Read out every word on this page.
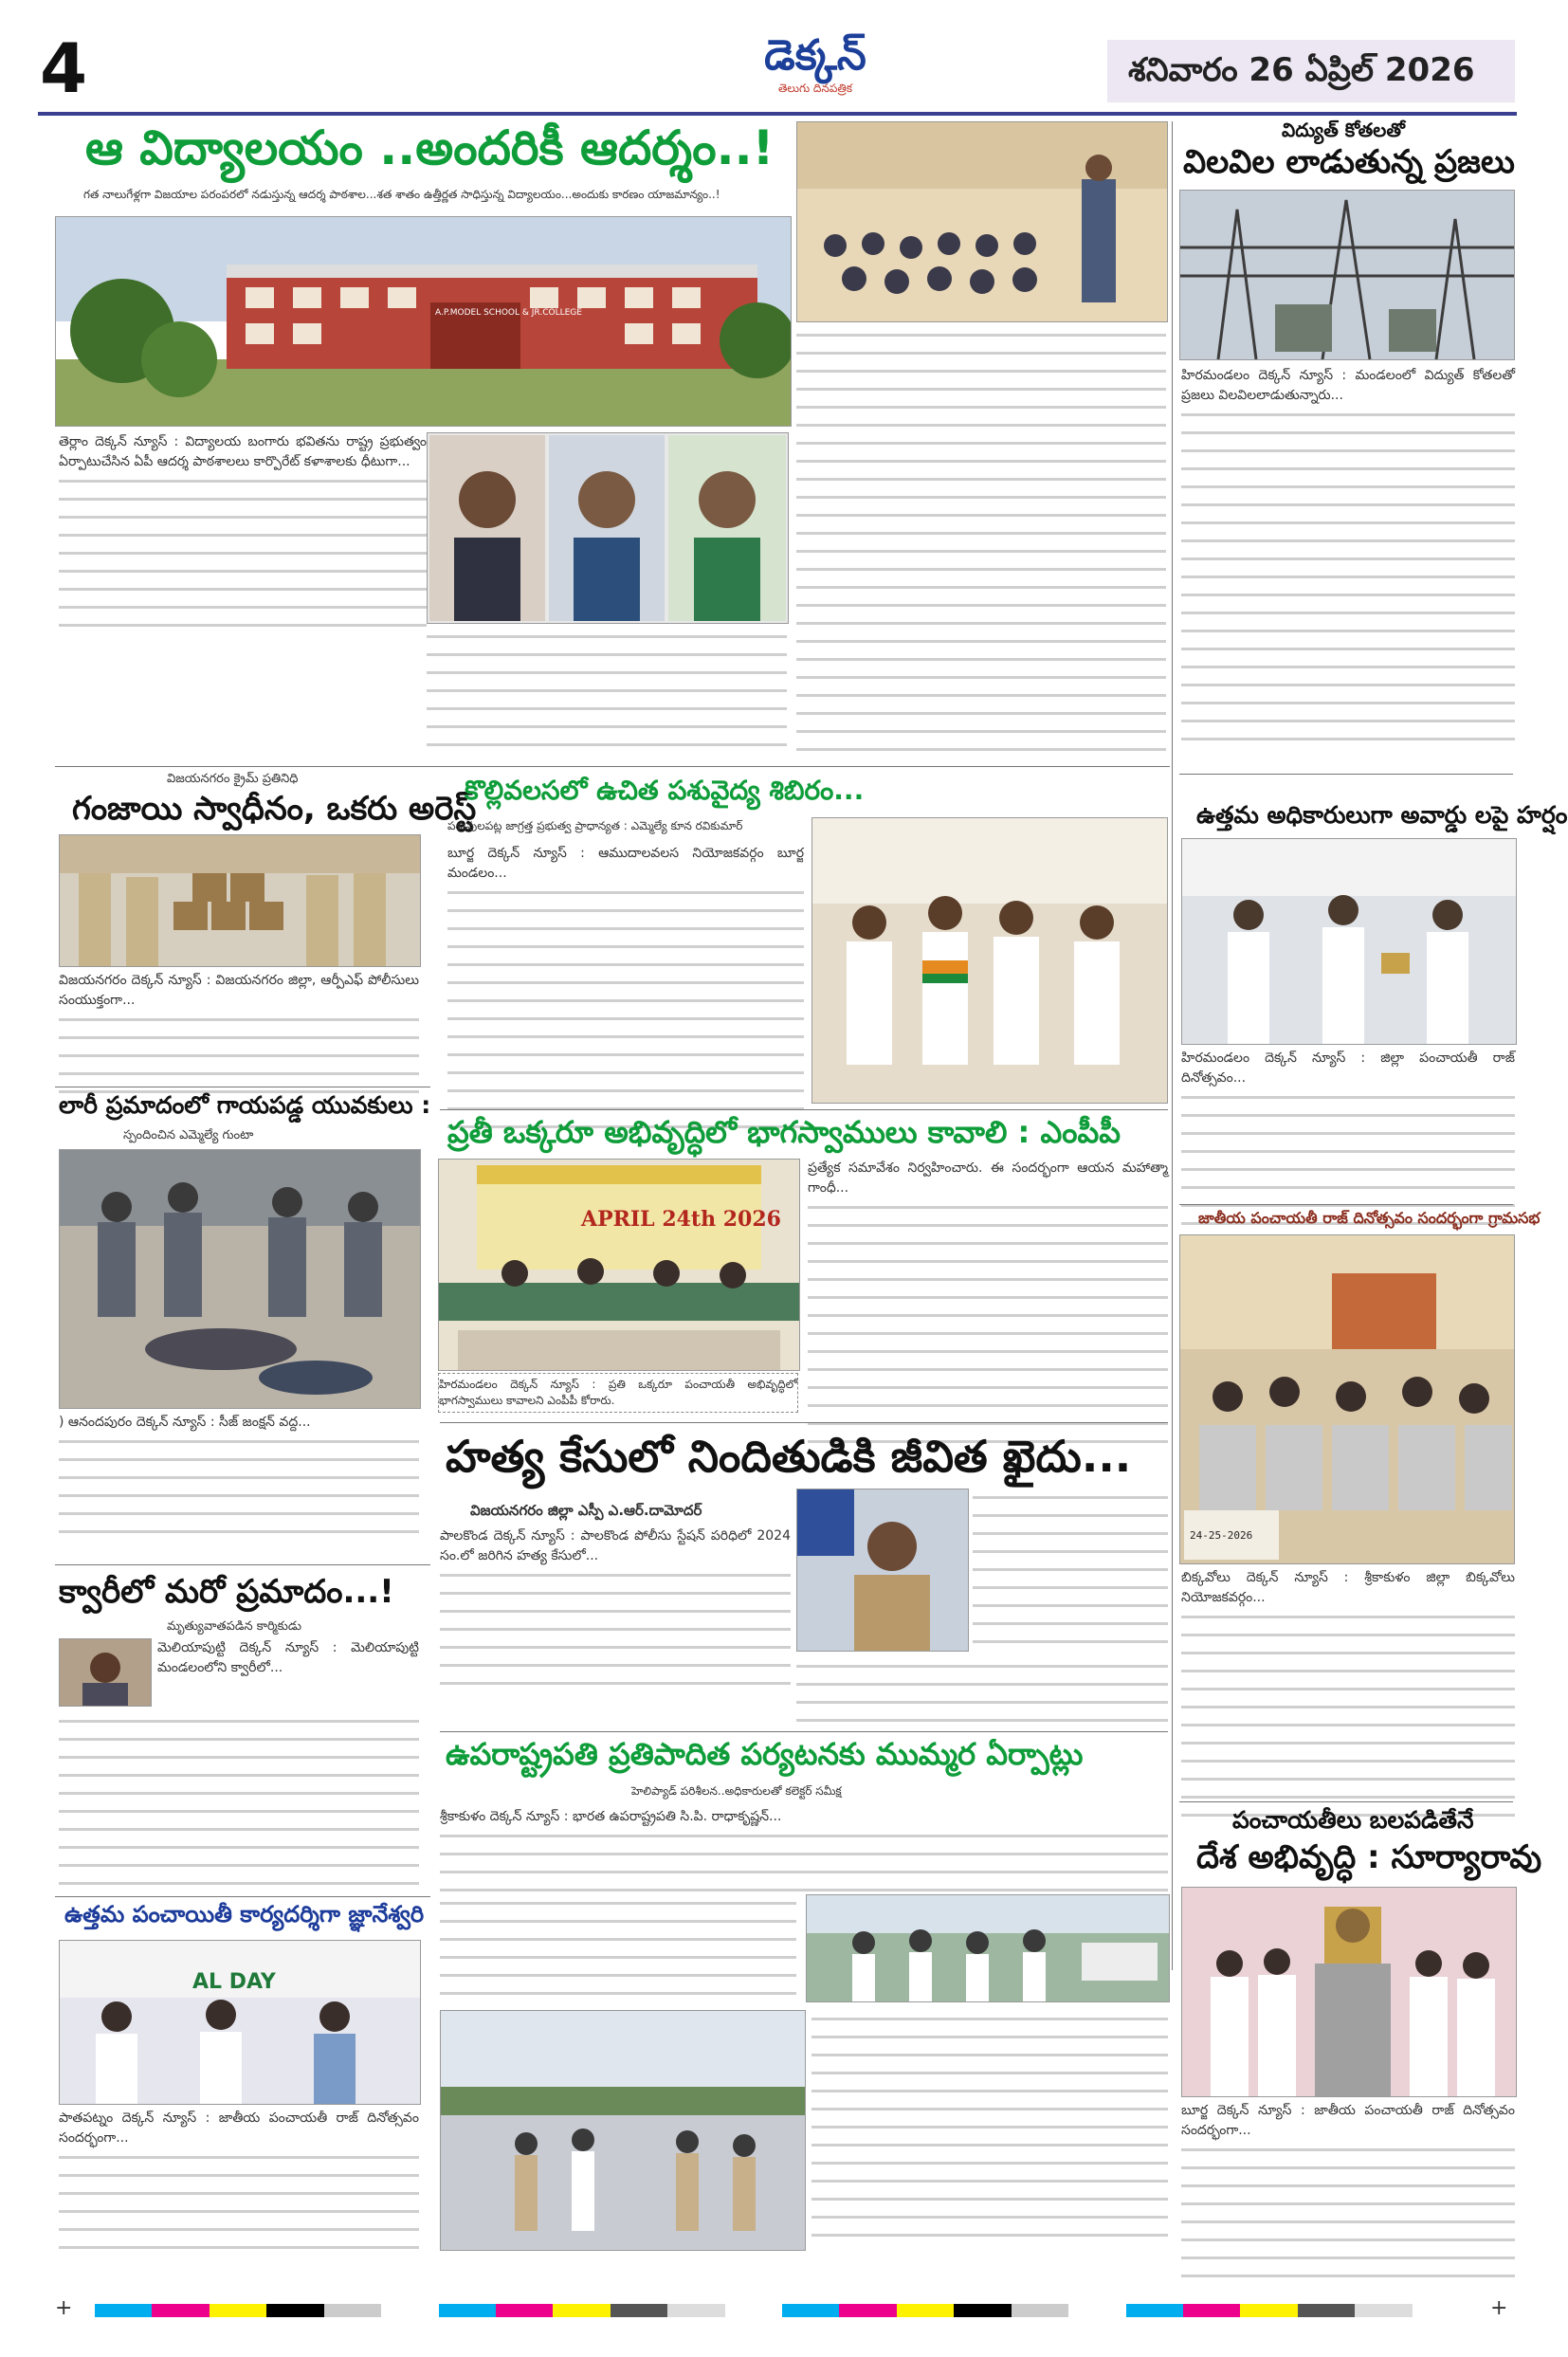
4	డెక్కన్
తెలుగు దినపత్రిక	శనివారం 26 ఏప్రిల్ 2026
ఆ విద్యాలయం ..అందరికీ ఆదర్శం..!
గత నాలుగేళ్లగా విజయాల పరంపరలో నడుస్తున్న ఆదర్శ పాఠశాల...శత శాతం ఉత్తీర్ణత సాధిస్తున్న విద్యాలయం...అందుకు కారణం యాజమాన్యం..!
A.P.MODEL SCHOOL & JR.COLLEGE
తెర్లాం దెక్కన్ న్యూస్ : విద్యాలయ బంగారు భవితను రాష్ట్ర ప్రభుత్వం ఏర్పాటుచేసిన ఏపీ ఆదర్శ పాఠశాలలు కార్పొరేట్ కళాశాలకు ధీటుగా...
విద్యుత్ కోతలతో
విలవిల లాడుతున్న ప్రజలు
హిరమండలం దెక్కన్ న్యూస్ : మండలంలో విద్యుత్ కోతలతో ప్రజలు విలవిలలాడుతున్నారు...
విజయనగరం క్రైమ్ ప్రతినిధి
గంజాయి స్వాధీనం, ఒకరు అరెస్ట్
విజయనగరం దెక్కన్ న్యూస్ : విజయనగరం జిల్లా, ఆర్పీఎఫ్ పోలీసులు సంయుక్తంగా...
కొల్లివలసలో ఉచిత పశువైద్య శిబిరం...
పశువులపట్ల జాగ్రత్త ప్రభుత్వ ప్రాధాన్యత : ఎమ్మెల్యే కూన రవికుమార్
బూర్జ దెక్కన్ న్యూస్ : ఆముదాలవలస నియోజకవర్గం బూర్జ మండలం...
ఉత్తమ అధికారులుగా అవార్డు లపై హర్షం
హిరమండలం దెక్కన్ న్యూస్ : జిల్లా పంచాయతీ రాజ్ దినోత్సవం...
లారీ ప్రమాదంలో గాయపడ్డ యువకులు :
స్పందించిన ఎమ్మెల్యే గుంటా
) ఆనందపురం దెక్కన్ న్యూస్ : సీజ్ జంక్షన్ వద్ద...
ప్రతీ ఒక్కరూ అభివృద్ధిలో భాగస్వాములు కావాలి : ఎంపీపీ
APRIL 24th 2026
హిరమండలం దెక్కన్ న్యూస్ : ప్రతి ఒక్కరూ పంచాయతీ అభివృద్ధిలో భాగస్వాములు కావాలని ఎంపీపీ కోరారు.
ప్రత్యేక సమావేశం నిర్వహించారు. ఈ సందర్భంగా ఆయన మహాత్మా గాంధీ...
జాతీయ పంచాయతీ రాజ్ దినోత్సవం సందర్భంగా గ్రామసభ
24-25-2026
బిక్కవోలు దెక్కన్ న్యూస్ : శ్రీకాకుళం జిల్లా బిక్కవోలు నియోజకవర్గం...
హత్య కేసులో నిందితుడికి జీవిత ఖైదు...
విజయనగరం జిల్లా ఎస్పీ ఎ.ఆర్.దామోదర్
పాలకొండ దెక్కన్ న్యూస్ : పాలకొండ పోలీసు స్టేషన్ పరిధిలో 2024 సం.లో జరిగిన హత్య కేసులో...
క్వారీలో మరో ప్రమాదం...!
మృత్యువాతపడిన కార్మికుడు
మెలియాపుట్టి దెక్కన్ న్యూస్ : మెలియాపుట్టి మండలంలోని క్వారీలో...
ఉపరాష్ట్రపతి ప్రతిపాదిత పర్యటనకు ముమ్మర ఏర్పాట్లు
హెలిప్యాడ్ పరిశీలన..అధికారులతో కలెక్టర్ సమీక్ష
శ్రీకాకుళం దెక్కన్ న్యూస్ : భారత ఉపరాష్ట్రపతి సి.పి. రాధాకృష్ణన్...
ఉత్తమ పంచాయితీ కార్యదర్శిగా జ్ఞానేశ్వరి
AL DAY
పాతపట్నం దెక్కన్ న్యూస్ : జాతీయ పంచాయతీ రాజ్ దినోత్సవం సందర్భంగా...
పంచాయతీలు బలపడితేనే
దేశ అభివృద్ధి : సూర్యారావు
బూర్జ దెక్కన్ న్యూస్ : జాతీయ పంచాయతీ రాజ్ దినోత్సవం సందర్భంగా...
+	+
